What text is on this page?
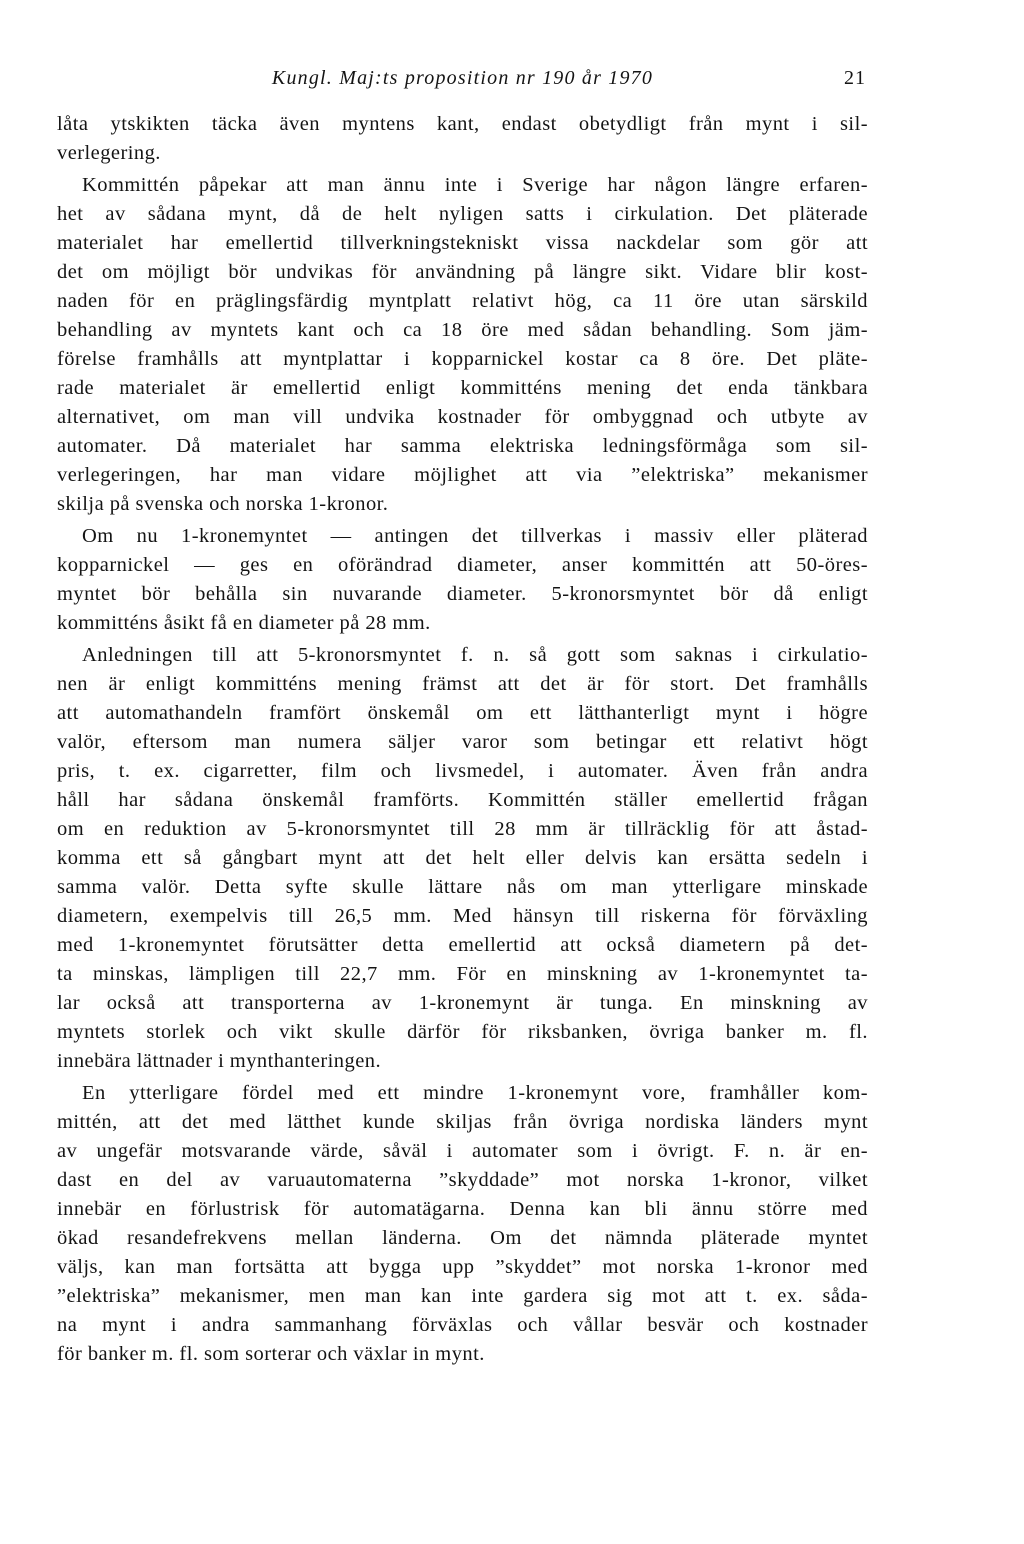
Kungl. Maj:ts proposition nr 190 år 1970	21
låta ytskikten täcka även myntens kant, endast obetydligt från mynt i sil-
verlegering.
Kommittén påpekar att man ännu inte i Sverige har någon längre erfaren-
het av sådana mynt, då de helt nyligen satts i cirkulation. Det pläterade
materialet har emellertid tillverkningstekniskt vissa nackdelar som gör att
det om möjligt bör undvikas för användning på längre sikt. Vidare blir kost-
naden för en präglingsfärdig myntplatt relativt hög, ca 11 öre utan särskild
behandling av myntets kant och ca 18 öre med sådan behandling. Som jäm-
förelse framhålls att myntplattar i kopparnickel kostar ca 8 öre. Det pläte-
rade materialet är emellertid enligt kommitténs mening det enda tänkbara
alternativet, om man vill undvika kostnader för ombyggnad och utbyte av
automater. Då materialet har samma elektriska ledningsförmåga som sil-
verlegeringen, har man vidare möjlighet att via ”elektriska” mekanismer
skilja på svenska och norska 1-kronor.
Om nu 1-kronemyntet — antingen det tillverkas i massiv eller pläterad
kopparnickel — ges en oförändrad diameter, anser kommittén att 50-öres-
myntet bör behålla sin nuvarande diameter. 5-kronorsmyntet bör då enligt
kommitténs åsikt få en diameter på 28 mm.
Anledningen till att 5-kronorsmyntet f. n. så gott som saknas i cirkulatio-
nen är enligt kommitténs mening främst att det är för stort. Det framhålls
att automathandeln framfört önskemål om ett lätthanterligt mynt i högre
valör, eftersom man numera säljer varor som betingar ett relativt högt
pris, t. ex. cigarretter, film och livsmedel, i automater. Även från andra
håll har sådana önskemål framförts. Kommittén ställer emellertid frågan
om en reduktion av 5-kronorsmyntet till 28 mm är tillräcklig för att åstad-
komma ett så gångbart mynt att det helt eller delvis kan ersätta sedeln i
samma valör. Detta syfte skulle lättare nås om man ytterligare minskade
diametern, exempelvis till 26,5 mm. Med hänsyn till riskerna för förväxling
med 1-kronemyntet förutsätter detta emellertid att också diametern på det-
ta minskas, lämpligen till 22,7 mm. För en minskning av 1-kronemyntet ta-
lar också att transporterna av 1-kronemynt är tunga. En minskning av
myntets storlek och vikt skulle därför för riksbanken, övriga banker m. fl.
innebära lättnader i mynthanteringen.
En ytterligare fördel med ett mindre 1-kronemynt vore, framhåller kom-
mittén, att det med lätthet kunde skiljas från övriga nordiska länders mynt
av ungefär motsvarande värde, såväl i automater som i övrigt. F. n. är en-
dast en del av varuautomaterna ”skyddade” mot norska 1-kronor, vilket
innebär en förlustrisk för automatägarna. Denna kan bli ännu större med
ökad resandefrekvens mellan länderna. Om det nämnda pläterade myntet
väljs, kan man fortsätta att bygga upp ”skyddet” mot norska 1-kronor med
”elektriska” mekanismer, men man kan inte gardera sig mot att t. ex. såda-
na mynt i andra sammanhang förväxlas och vållar besvär och kostnader
för banker m. fl. som sorterar och växlar in mynt.
